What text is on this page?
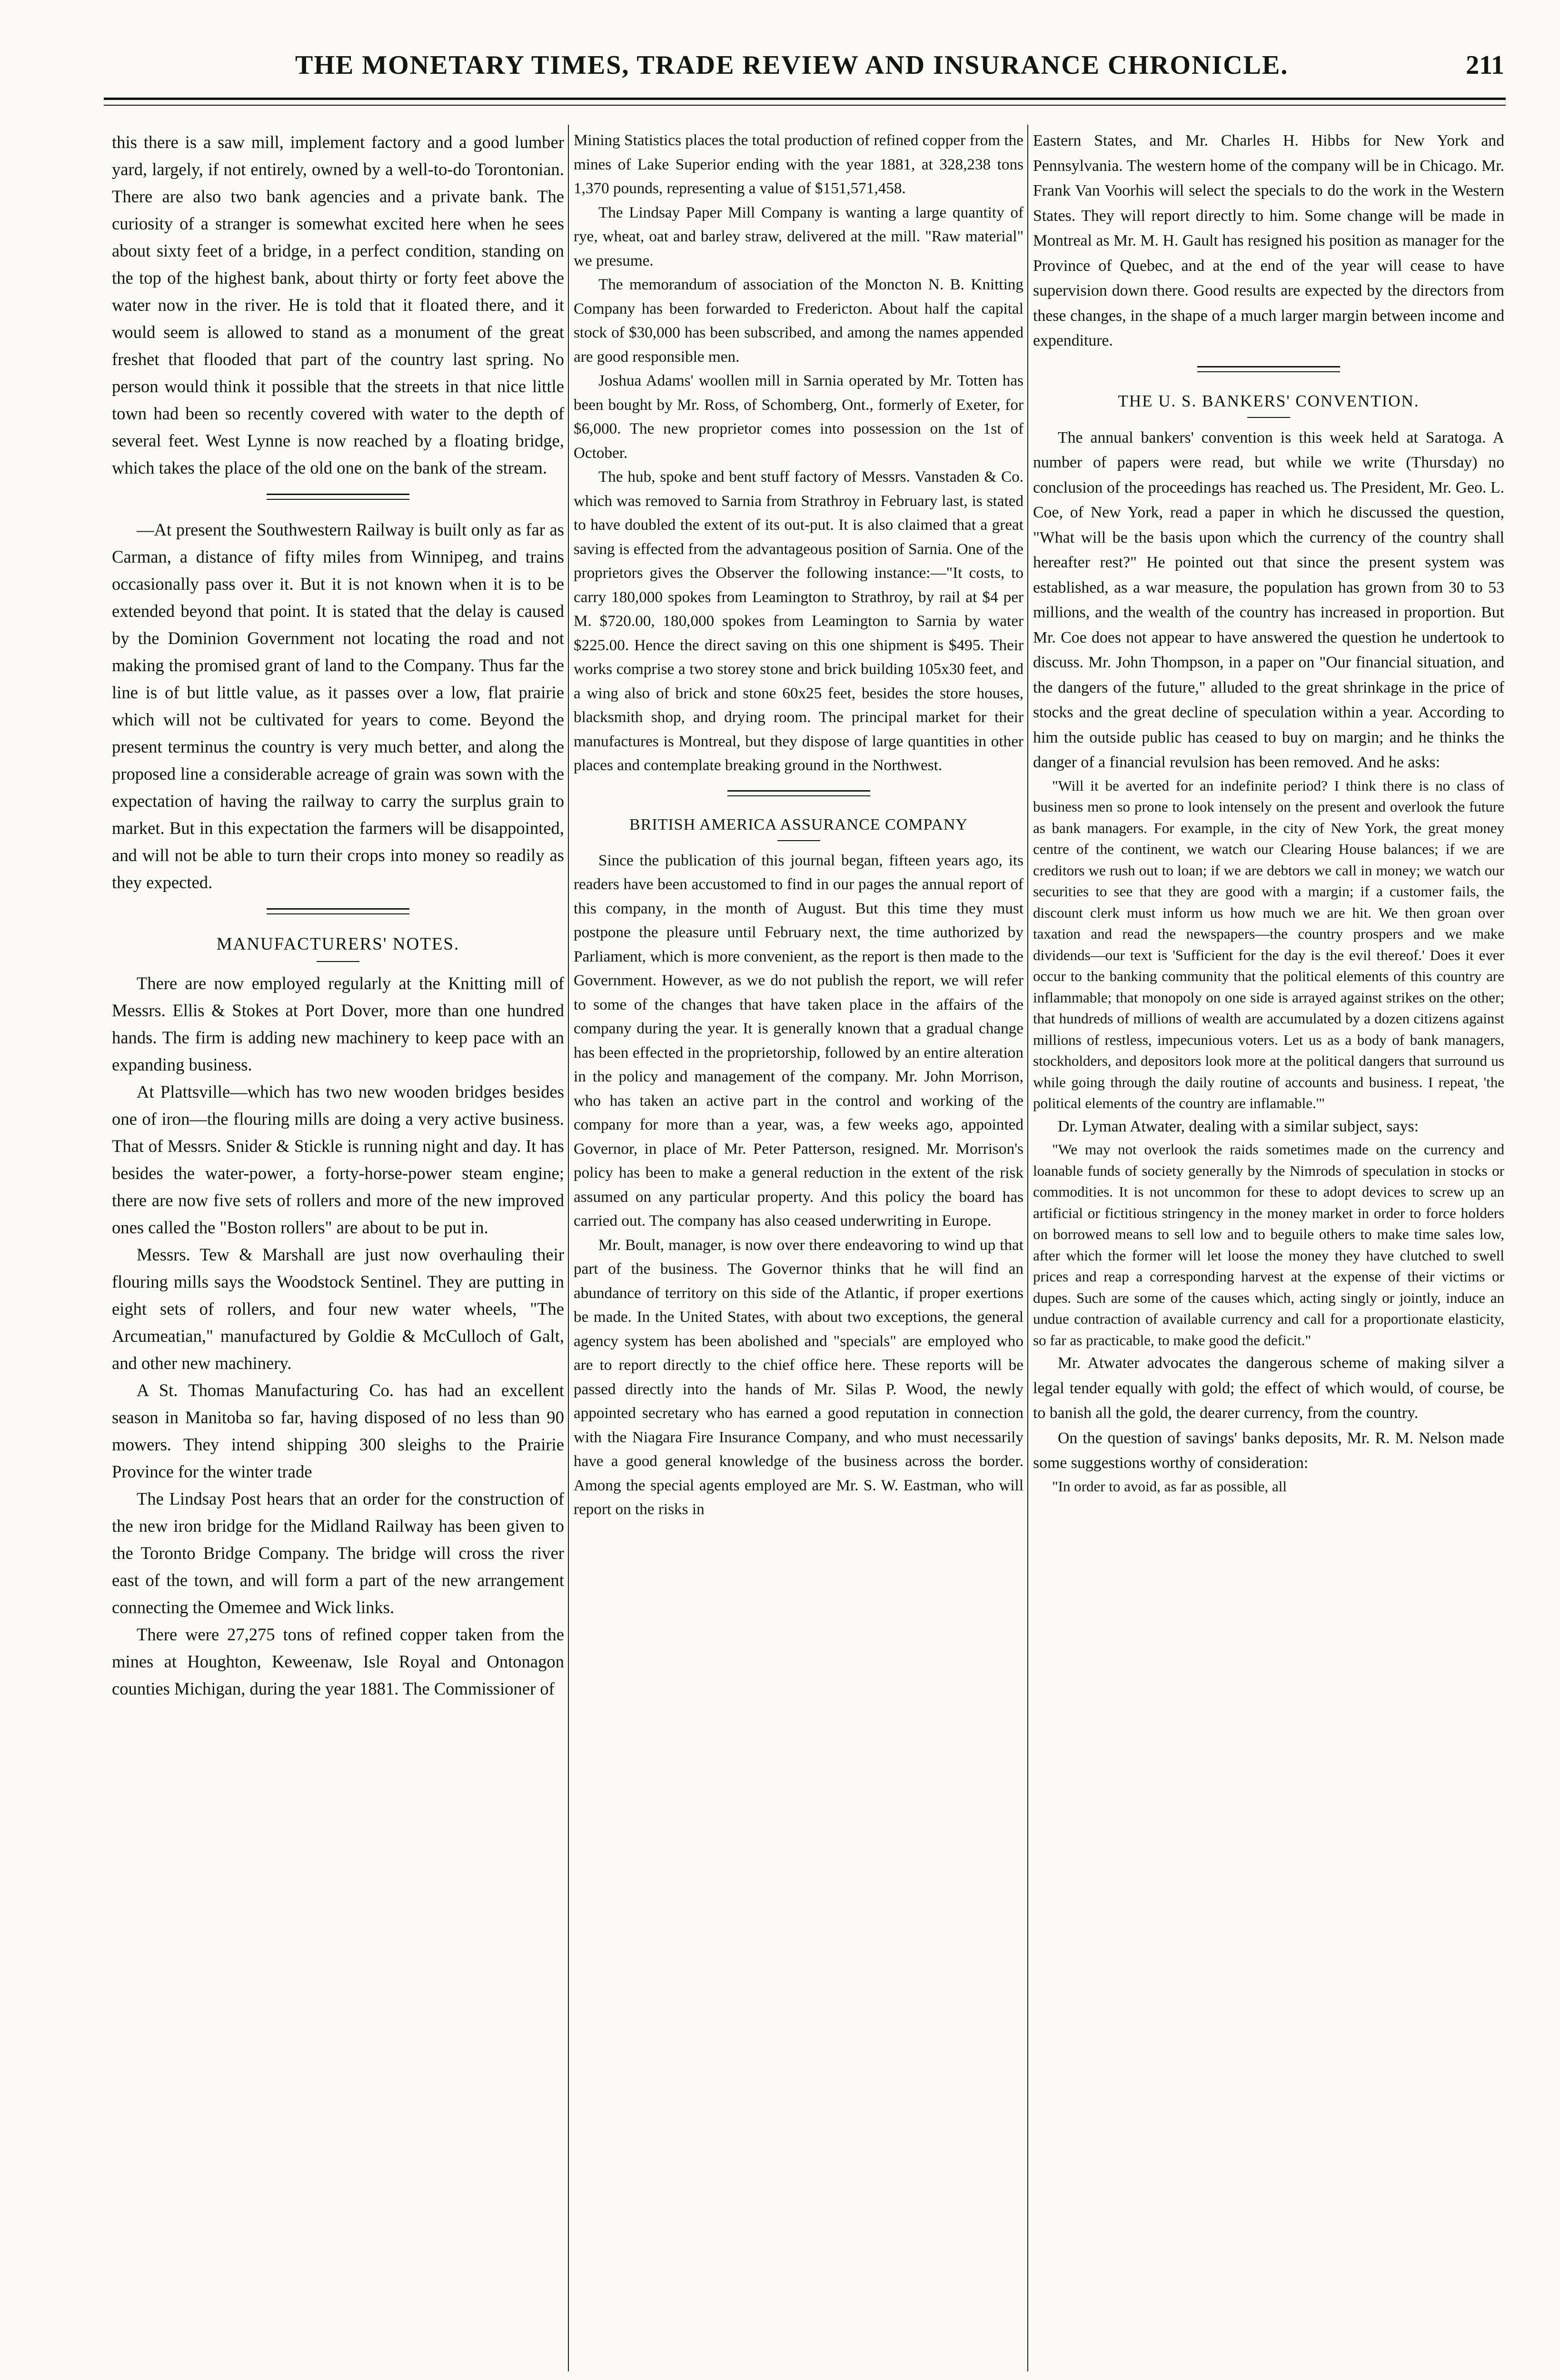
THE MONETARY TIMES, TRADE REVIEW AND INSURANCE CHRONICLE.	211

this there is a saw mill, implement factory and a good lumber yard, largely, if not entirely, owned by a well-to-do Torontonian. There are also two bank agencies and a private bank. The curiosity of a stranger is somewhat excited here when he sees about sixty feet of a bridge, in a perfect condition, standing on the top of the highest bank, about thirty or forty feet above the water now in the river. He is told that it floated there, and it would seem is allowed to stand as a monument of the great freshet that flooded that part of the country last spring. No person would think it possible that the streets in that nice little town had been so recently covered with water to the depth of several feet. West Lynne is now reached by a floating bridge, which takes the place of the old one on the bank of the stream.

—At present the Southwestern Railway is built only as far as Carman, a distance of fifty miles from Winnipeg, and trains occasionally pass over it. But it is not known when it is to be extended beyond that point. It is stated that the delay is caused by the Dominion Government not locating the road and not making the promised grant of land to the Company. Thus far the line is of but little value, as it passes over a low, flat prairie which will not be cultivated for years to come. Beyond the present terminus the country is very much better, and along the proposed line a considerable acreage of grain was sown with the expectation of having the railway to carry the surplus grain to market. But in this expectation the farmers will be disappointed, and will not be able to turn their crops into money so readily as they expected.

MANUFACTURERS' NOTES.

There are now employed regularly at the Knitting mill of Messrs. Ellis & Stokes at Port Dover, more than one hundred hands. The firm is adding new machinery to keep pace with an expanding business.

At Plattsville—which has two new wooden bridges besides one of iron—the flouring mills are doing a very active business. That of Messrs. Snider & Stickle is running night and day. It has besides the water-power, a forty-horse-power steam engine; there are now five sets of rollers and more of the new improved ones called the "Boston rollers" are about to be put in.

Messrs. Tew & Marshall are just now overhauling their flouring mills says the Woodstock Sentinel. They are putting in eight sets of rollers, and four new water wheels, "The Arcumeatian," manufactured by Goldie & McCulloch of Galt, and other new machinery.

A St. Thomas Manufacturing Co. has had an excellent season in Manitoba so far, having disposed of no less than 90 mowers. They intend shipping 300 sleighs to the Prairie Province for the winter trade

The Lindsay Post hears that an order for the construction of the new iron bridge for the Midland Railway has been given to the Toronto Bridge Company. The bridge will cross the river east of the town, and will form a part of the new arrangement connecting the Omemee and Wick links.

There were 27,275 tons of refined copper taken from the mines at Houghton, Keweenaw, Isle Royal and Ontonagon counties Michigan, during the year 1881. The Commissioner of

Mining Statistics places the total production of refined copper from the mines of Lake Superior ending with the year 1881, at 328,238 tons 1,370 pounds, representing a value of $151,571,458.

The Lindsay Paper Mill Company is wanting a large quantity of rye, wheat, oat and barley straw, delivered at the mill. "Raw material" we presume.

The memorandum of association of the Moncton N. B. Knitting Company has been forwarded to Fredericton. About half the capital stock of $30,000 has been subscribed, and among the names appended are good responsible men.

Joshua Adams' woollen mill in Sarnia operated by Mr. Totten has been bought by Mr. Ross, of Schomberg, Ont., formerly of Exeter, for $6,000. The new proprietor comes into possession on the 1st of October.

The hub, spoke and bent stuff factory of Messrs. Vanstaden & Co. which was removed to Sarnia from Strathroy in February last, is stated to have doubled the extent of its out-put. It is also claimed that a great saving is effected from the advantageous position of Sarnia. One of the proprietors gives the Observer the following instance:—"It costs, to carry 180,000 spokes from Leamington to Strathroy, by rail at $4 per M. $720.00, 180,000 spokes from Leamington to Sarnia by water $225.00. Hence the direct saving on this one shipment is $495. Their works comprise a two storey stone and brick building 105x30 feet, and a wing also of brick and stone 60x25 feet, besides the store houses, blacksmith shop, and drying room. The principal market for their manufactures is Montreal, but they dispose of large quantities in other places and contemplate breaking ground in the Northwest.

BRITISH AMERICA ASSURANCE COMPANY

Since the publication of this journal began, fifteen years ago, its readers have been accustomed to find in our pages the annual report of this company, in the month of August. But this time they must postpone the pleasure until February next, the time authorized by Parliament, which is more convenient, as the report is then made to the Government. However, as we do not publish the report, we will refer to some of the changes that have taken place in the affairs of the company during the year. It is generally known that a gradual change has been effected in the proprietorship, followed by an entire alteration in the policy and management of the company. Mr. John Morrison, who has taken an active part in the control and working of the company for more than a year, was, a few weeks ago, appointed Governor, in place of Mr. Peter Patterson, resigned. Mr. Morrison's policy has been to make a general reduction in the extent of the risk assumed on any particular property. And this policy the board has carried out. The company has also ceased underwriting in Europe.

Mr. Boult, manager, is now over there endeavoring to wind up that part of the business. The Governor thinks that he will find an abundance of territory on this side of the Atlantic, if proper exertions be made. In the United States, with about two exceptions, the general agency system has been abolished and "specials" are employed who are to report directly to the chief office here. These reports will be passed directly into the hands of Mr. Silas P. Wood, the newly appointed secretary who has earned a good reputation in connection with the Niagara Fire Insurance Company, and who must necessarily have a good general knowledge of the business across the border. Among the special agents employed are Mr. S. W. Eastman, who will report on the risks in

Eastern States, and Mr. Charles H. Hibbs for New York and Pennsylvania. The western home of the company will be in Chicago. Mr. Frank Van Voorhis will select the specials to do the work in the Western States. They will report directly to him. Some change will be made in Montreal as Mr. M. H. Gault has resigned his position as manager for the Province of Quebec, and at the end of the year will cease to have supervision down there. Good results are expected by the directors from these changes, in the shape of a much larger margin between income and expenditure.

THE U. S. BANKERS' CONVENTION.

The annual bankers' convention is this week held at Saratoga. A number of papers were read, but while we write (Thursday) no conclusion of the proceedings has reached us. The President, Mr. Geo. L. Coe, of New York, read a paper in which he discussed the question, "What will be the basis upon which the currency of the country shall hereafter rest?" He pointed out that since the present system was established, as a war measure, the population has grown from 30 to 53 millions, and the wealth of the country has increased in proportion. But Mr. Coe does not appear to have answered the question he undertook to discuss. Mr. John Thompson, in a paper on "Our financial situation, and the dangers of the future," alluded to the great shrinkage in the price of stocks and the great decline of speculation within a year. According to him the outside public has ceased to buy on margin; and he thinks the danger of a financial revulsion has been removed. And he asks:

"Will it be averted for an indefinite period? I think there is no class of business men so prone to look intensely on the present and overlook the future as bank managers. For example, in the city of New York, the great money centre of the continent, we watch our Clearing House balances; if we are creditors we rush out to loan; if we are debtors we call in money; we watch our securities to see that they are good with a margin; if a customer fails, the discount clerk must inform us how much we are hit. We then groan over taxation and read the newspapers—the country prospers and we make dividends—our text is 'Sufficient for the day is the evil thereof.' Does it ever occur to the banking community that the political elements of this country are inflammable; that monopoly on one side is arrayed against strikes on the other; that hundreds of millions of wealth are accumulated by a dozen citizens against millions of restless, impecunious voters. Let us as a body of bank managers, stockholders, and depositors look more at the political dangers that surround us while going through the daily routine of accounts and business. I repeat, 'the political elements of the country are inflamable.'"

Dr. Lyman Atwater, dealing with a similar subject, says:

"We may not overlook the raids sometimes made on the currency and loanable funds of society generally by the Nimrods of speculation in stocks or commodities. It is not uncommon for these to adopt devices to screw up an artificial or fictitious stringency in the money market in order to force holders on borrowed means to sell low and to beguile others to make time sales low, after which the former will let loose the money they have clutched to swell prices and reap a corresponding harvest at the expense of their victims or dupes. Such are some of the causes which, acting singly or jointly, induce an undue contraction of available currency and call for a proportionate elasticity, so far as practicable, to make good the deficit."

Mr. Atwater advocates the dangerous scheme of making silver a legal tender equally with gold; the effect of which would, of course, be to banish all the gold, the dearer currency, from the country.

On the question of savings' banks deposits, Mr. R. M. Nelson made some suggestions worthy of consideration:

"In order to avoid, as far as possible, all
